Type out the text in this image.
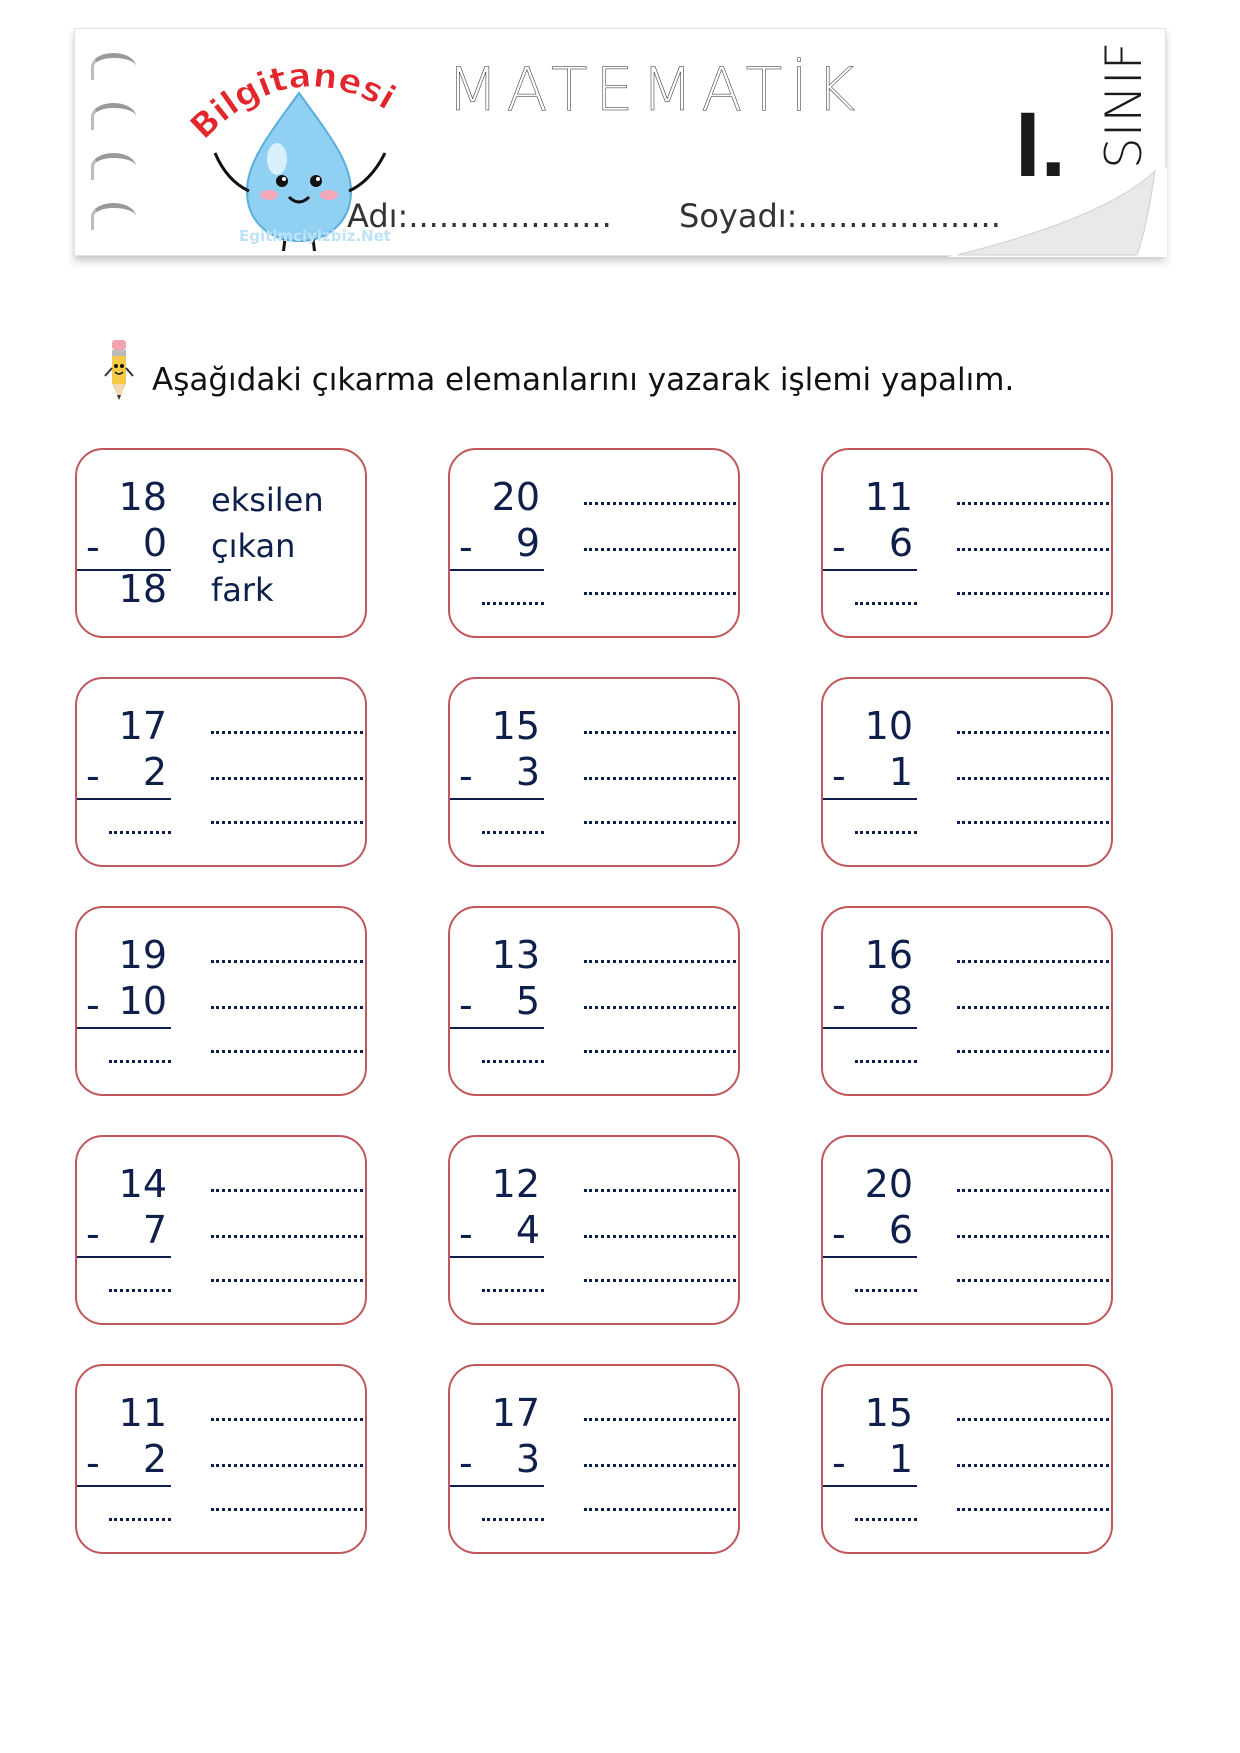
Bilgitanesi
Egitimciyizbiz.Net
MATEMATİK
Adı:.................... Soyadı:....................
I. SINIF
Aşağıdaki çıkarma elemanlarını yazarak işlemi yapalım.
18
-	0
18
eksilen
çıkan
fark
20
-	9
11
-	6
17
-	2
15
-	3
10
-	1
19
- 10
13
-	5
16
-	8
14
-	7
12
-	4
20
-	6
11
-	2
17
-	3
15
-	1
